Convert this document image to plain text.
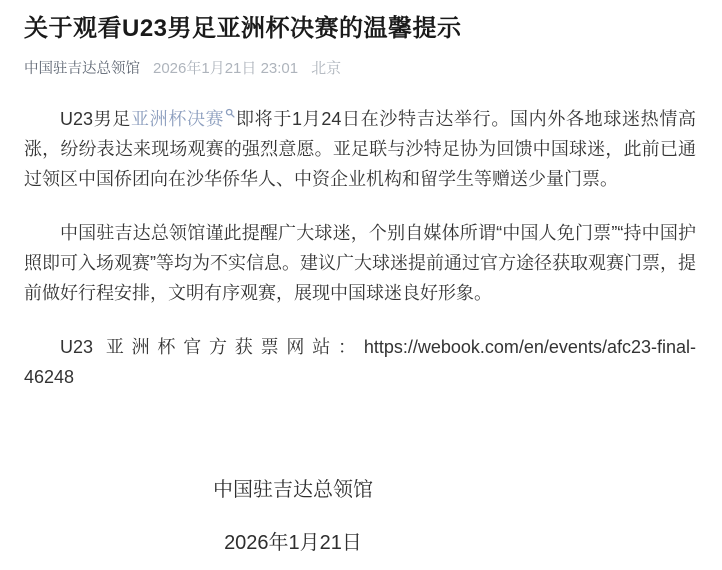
关于观看U23男足亚洲杯决赛的温馨提示
中国驻吉达总领馆 2026年1月21日 23:01 北京

U23男足亚洲杯决赛 即将于1月24日在沙特吉达举行。国内外各地球迷热情高涨，纷纷表达来现场观赛的强烈意愿。亚足联与沙特足协为回馈中国球迷，此前已通过领区中国侨团向在沙华侨华人、中资企业机构和留学生等赠送少量门票。

中国驻吉达总领馆谨此提醒广大球迷，个别自媒体所谓“中国人免门票”“持中国护照即可入场观赛”等均为不实信息。建议广大球迷提前通过官方途径获取观赛门票，提前做好行程安排，文明有序观赛，展现中国球迷良好形象。

U23 亚洲杯官方获票网站：https://webook.com/en/events/afc23-final-
46248

中国驻吉达总领馆
2026年1月21日
